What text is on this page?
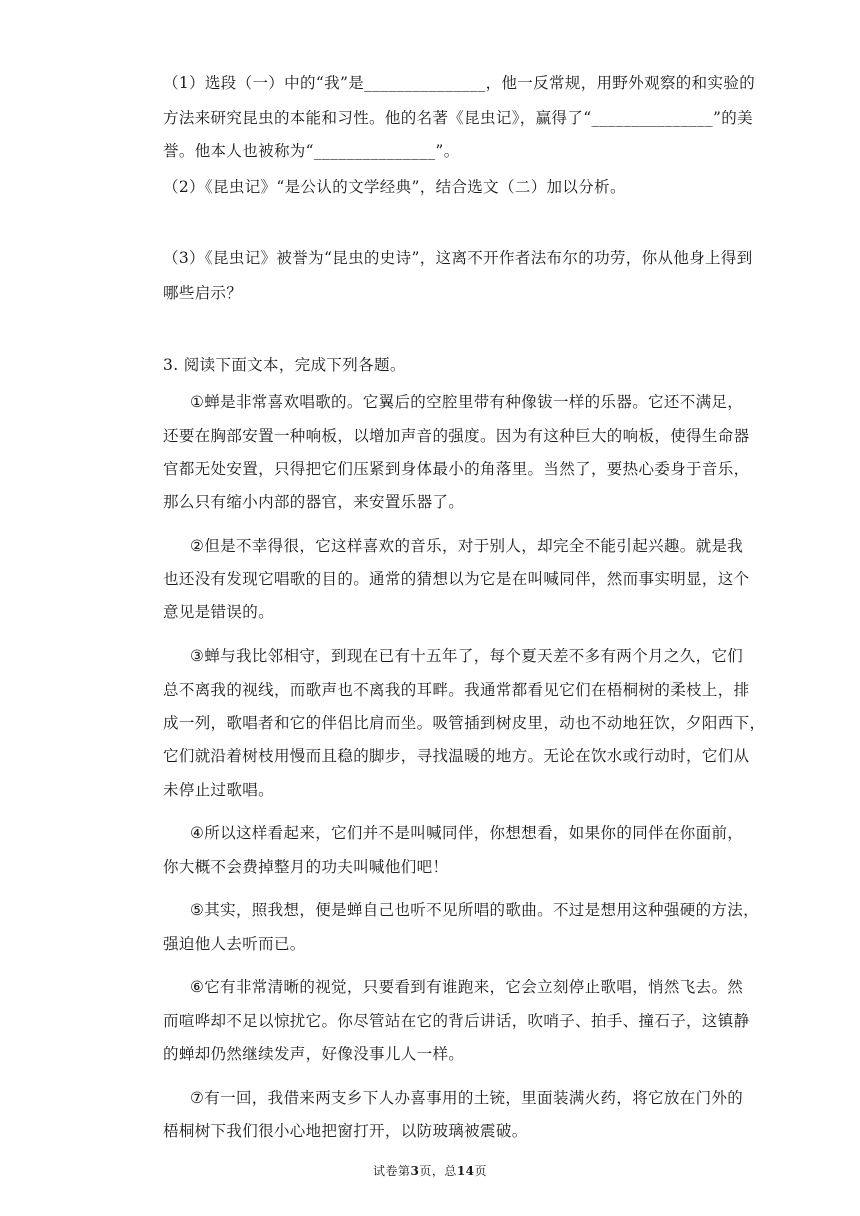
（1）选段（一）中的“我”是_______________，他一反常规，用野外观察的和实验的
方法来研究昆虫的本能和习性。他的名著《昆虫记》，赢得了“_______________”的美
誉。他本人也被称为“_______________”。
（2）《昆虫记》“是公认的文学经典”，结合选文（二）加以分析。
（3）《昆虫记》被誉为“昆虫的史诗”，这离不开作者法布尔的功劳，你从他身上得到
哪些启示？
3. 阅读下面文本，完成下列各题。
①蝉是非常喜欢唱歌的。它翼后的空腔里带有种像钹一样的乐器。它还不满足，
还要在胸部安置一种响板，以增加声音的强度。因为有这种巨大的响板，使得生命器
官都无处安置，只得把它们压紧到身体最小的角落里。当然了，要热心委身于音乐，
那么只有缩小内部的器官，来安置乐器了。
②但是不幸得很，它这样喜欢的音乐，对于别人，却完全不能引起兴趣。就是我
也还没有发现它唱歌的目的。通常的猜想以为它是在叫喊同伴，然而事实明显，这个
意见是错误的。
③蝉与我比邻相守，到现在已有十五年了，每个夏天差不多有两个月之久，它们
总不离我的视线，而歌声也不离我的耳畔。我通常都看见它们在梧桐树的柔枝上，排
成一列，歌唱者和它的伴侣比肩而坐。吸管插到树皮里，动也不动地狂饮，夕阳西下，
它们就沿着树枝用慢而且稳的脚步，寻找温暖的地方。无论在饮水或行动时，它们从
未停止过歌唱。
④所以这样看起来，它们并不是叫喊同伴，你想想看，如果你的同伴在你面前，
你大概不会费掉整月的功夫叫喊他们吧！
⑤其实，照我想，便是蝉自己也听不见所唱的歌曲。不过是想用这种强硬的方法，
强迫他人去听而已。
⑥它有非常清晰的视觉，只要看到有谁跑来，它会立刻停止歌唱，悄然飞去。然
而喧哗却不足以惊扰它。你尽管站在它的背后讲话，吹哨子、拍手、撞石子，这镇静
的蝉却仍然继续发声，好像没事儿人一样。
⑦有一回，我借来两支乡下人办喜事用的土铳，里面装满火药，将它放在门外的
梧桐树下我们很小心地把窗打开，以防玻璃被震破。
试卷第3页，总14页
